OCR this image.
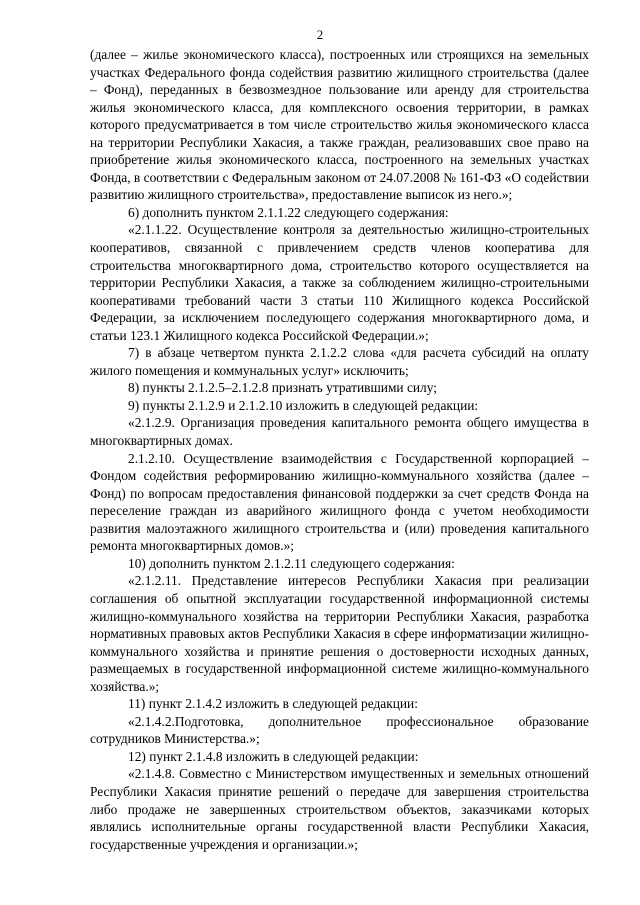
2

(далее – жилье экономического класса), построенных или строящихся на земельных участках Федерального фонда содействия развитию жилищного строительства (далее – Фонд), переданных в безвозмездное пользование или аренду для строительства жилья экономического класса, для комплексного освоения территории, в рамках которого предусматривается в том числе строительство жилья экономического класса на территории Республики Хакасия, а также граждан, реализовавших свое право на приобретение жилья экономического класса, построенного на земельных участках Фонда, в соответствии с Федеральным законом от 24.07.2008 № 161-ФЗ «О содействии развитию жилищного строительства», предоставление выписок из него.»;

6) дополнить пунктом 2.1.1.22 следующего содержания:

«2.1.1.22. Осуществление контроля за деятельностью жилищно-строительных кооперативов, связанной с привлечением средств членов кооператива для строительства многоквартирного дома, строительство которого осуществляется на территории Республики Хакасия, а также за соблюдением жилищно-строительными кооперативами требований части 3 статьи 110 Жилищного кодекса Российской Федерации, за исключением последующего содержания многоквартирного дома, и статьи 123.1 Жилищного кодекса Российской Федерации.»;

7) в абзаце четвертом пункта 2.1.2.2 слова «для расчета субсидий на оплату жилого помещения и коммунальных услуг» исключить;

8) пункты 2.1.2.5–2.1.2.8 признать утратившими силу;

9) пункты 2.1.2.9 и 2.1.2.10 изложить в следующей редакции:

«2.1.2.9. Организация проведения капитального ремонта общего имущества в многоквартирных домах.

2.1.2.10. Осуществление взаимодействия с Государственной корпорацией – Фондом содействия реформированию жилищно-коммунального хозяйства (далее – Фонд) по вопросам предоставления финансовой поддержки за счет средств Фонда на переселение граждан из аварийного жилищного фонда с учетом необходимости развития малоэтажного жилищного строительства и (или) проведения капитального ремонта многоквартирных домов.»;

10) дополнить пунктом 2.1.2.11 следующего содержания:

«2.1.2.11. Представление интересов Республики Хакасия при реализации соглашения об опытной эксплуатации государственной информационной системы жилищно-коммунального хозяйства на территории Республики Хакасия, разработка нормативных правовых актов Республики Хакасия в сфере информатизации жилищно-коммунального хозяйства и принятие решения о достоверности исходных данных, размещаемых в государственной информационной системе жилищно-коммунального хозяйства.»;

11) пункт 2.1.4.2 изложить в следующей редакции:

«2.1.4.2.Подготовка, дополнительное профессиональное образование сотрудников Министерства.»;

12) пункт 2.1.4.8 изложить в следующей редакции:

«2.1.4.8. Совместно с Министерством имущественных и земельных отношений Республики Хакасия принятие решений о передаче для завершения строительства либо продаже не завершенных строительством объектов, заказчиками которых являлись исполнительные органы государственной власти Республики Хакасия, государственные учреждения и организации.»;
